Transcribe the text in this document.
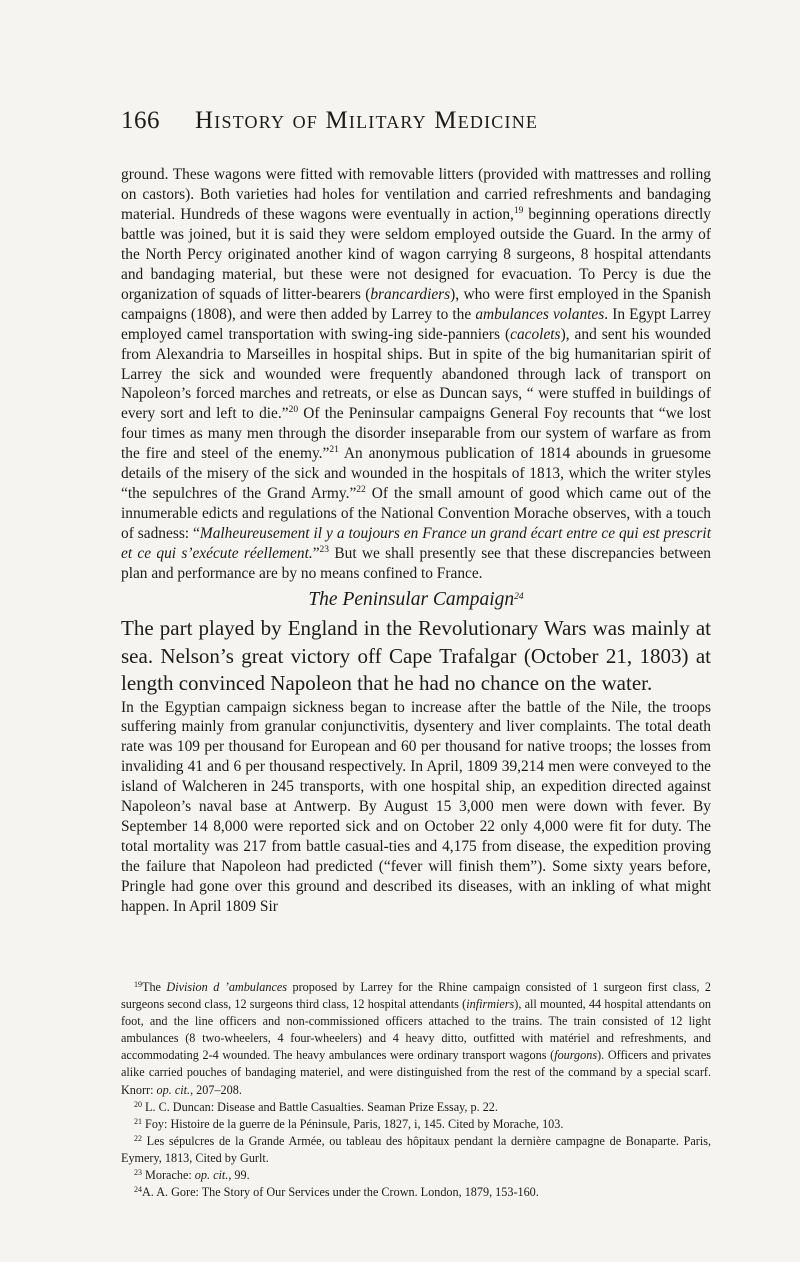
166 History of Military Medicine

ground. These wagons were fitted with removable litters (provided with mattresses and rolling on castors). Both varieties had holes for ventilation and carried refreshments and bandaging material. Hundreds of these wagons were eventually in action,$^{19}$ beginning operations directly battle was joined, but it is said they were seldom employed outside the Guard. In the army of the North Percy originated another kind of wagon carrying 8 surgeons, 8 hospital attendants and bandaging material, but these were not designed for evacuation. To Percy is due the organization of squads of litter-bearers (brancardiers), who were first employed in the Spanish campaigns (1808), and were then added by Larrey to the ambulances volantes. In Egypt Larrey employed camel transportation with swing-ing side-panniers (cacolets), and sent his wounded from Alexandria to Marseilles in hospital ships. But in spite of the big humanitarian spirit of Larrey the sick and wounded were frequently abandoned through lack of transport on Napoleon’s forced marches and retreats, or else as Duncan says, “ were stuffed in buildings of every sort and left to die.”$^{20}$ Of the Peninsular campaigns General Foy recounts that “we lost four times as many men through the disorder inseparable from our system of warfare as from the fire and steel of the enemy.”$^{21}$ An anonymous publication of 1814 abounds in gruesome details of the misery of the sick and wounded in the hospitals of 1813, which the writer styles “the sepulchres of the Grand Army.”$^{22}$ Of the small amount of good which came out of the innumerable edicts and regulations of the National Convention Morache observes, with a touch of sadness: “Malheureusement il y a toujours en France un grand écart entre ce qui est prescrit et ce qui s’exécute réellement.”$^{23}$ But we shall presently see that these discrepancies between plan and performance are by no means confined to France.

The Peninsular Campaign$^{24}$

The part played by England in the Revolutionary Wars was mainly at sea. Nelson’s great victory off Cape Trafalgar (October 21, 1803) at length convinced Napoleon that he had no chance on the water.

In the Egyptian campaign sickness began to increase after the battle of the Nile, the troops suffering mainly from granular conjunctivitis, dysentery and liver complaints. The total death rate was 109 per thousand for European and 60 per thousand for native troops; the losses from invaliding 41 and 6 per thousand respectively. In April, 1809 39,214 men were conveyed to the island of Walcheren in 245 transports, with one hospital ship, an expedition directed against Napoleon’s naval base at Antwerp. By August 15 3,000 men were down with fever. By September 14 8,000 were reported sick and on October 22 only 4,000 were fit for duty. The total mortality was 217 from battle casual-ties and 4,175 from disease, the expedition proving the failure that Napoleon had predicted (“fever will finish them”). Some sixty years before, Pringle had gone over this ground and described its diseases, with an inkling of what might happen. In April 1809 Sir

$^{19}$The Division d ’ambulances proposed by Larrey for the Rhine campaign consisted of 1 surgeon first class, 2 surgeons second class, 12 surgeons third class, 12 hospital attendants (infirmiers), all mounted, 44 hospital attendants on foot, and the line officers and non-commissioned officers attached to the trains. The train consisted of 12 light ambulances (8 two-wheelers, 4 four-wheelers) and 4 heavy ditto, outfitted with matériel and refreshments, and accommodating 2-4 wounded. The heavy ambulances were ordinary transport wagons (fourgons). Officers and privates alike carried pouches of bandaging materiel, and were distinguished from the rest of the command by a special scarf. Knorr: op. cit., 207–208.

$^{20}$ L. C. Duncan: Disease and Battle Casualties. Seaman Prize Essay, p. 22.

$^{21}$ Foy: Histoire de la guerre de la Péninsule, Paris, 1827, i, 145. Cited by Morache, 103.

$^{22}$ Les sépulcres de la Grande Armée, ou tableau des hôpitaux pendant la dernière campagne de Bonaparte. Paris, Eymery, 1813, Cited by Gurlt.

$^{23}$ Morache: op. cit., 99.

$^{24}$A. A. Gore: The Story of Our Services under the Crown. London, 1879, 153-160.
